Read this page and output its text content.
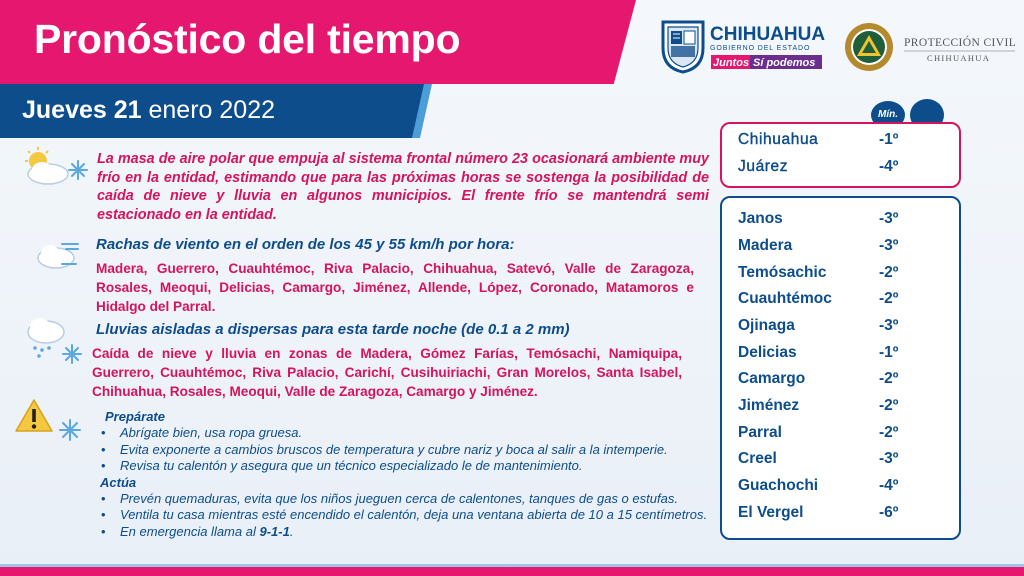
Pronóstico del tiempo
Jueves 21 enero 2022
CHIHUAHUA
GOBIERNO DEL ESTADO
Juntos Sí podemos
PROTECCIÓN CIVIL
CHIHUAHUA
La masa de aire polar que empuja al sistema frontal número 23 ocasionará ambiente muy frío en la entidad, estimando que para las próximas horas se sostenga la posibilidad de caída de nieve y lluvia en algunos municipios. El frente frío se mantendrá semi estacionado en la entidad.
Rachas de viento en el orden de los 45 y 55 km/h por hora:
Madera, Guerrero, Cuauhtémoc, Riva Palacio, Chihuahua, Satevó, Valle de Zaragoza, Rosales, Meoqui, Delicias, Camargo, Jiménez, Allende, López, Coronado, Matamoros e Hidalgo del Parral.
Lluvias aisladas a dispersas para esta tarde noche (de 0.1 a 2 mm)
Caída de nieve y lluvia en zonas de Madera, Gómez Farías, Temósachi, Namiquipa, Guerrero, Cuauhtémoc, Riva Palacio, Carichí, Cusihuiriachi, Gran Morelos, Santa Isabel, Chihuahua, Rosales, Meoqui, Valle de Zaragoza, Camargo y Jiménez.
Prepárate
• Abrígate bien, usa ropa gruesa.
• Evita exponerte a cambios bruscos de temperatura y cubre nariz y boca al salir a la intemperie.
• Revisa tu calentón y asegura que un técnico especializado le de mantenimiento.
Actúa
• Prevén quemaduras, evita que los niños jueguen cerca de calentones, tanques de gas o estufas.
• Ventila tu casa mientras esté encendido el calentón, deja una ventana abierta de 10 a 15 centímetros.
• En emergencia llama al 9-1-1.
Mín.
Chihuahua	-1º
Juárez	-4º
Janos	-3º
Madera	-3º
Temósachic	-2º
Cuauhtémoc	-2º
Ojinaga	-3º
Delicias	-1º
Camargo	-2º
Jiménez	-2º
Parral	-2º
Creel	-3º
Guachochi	-4º
El Vergel	-6º
